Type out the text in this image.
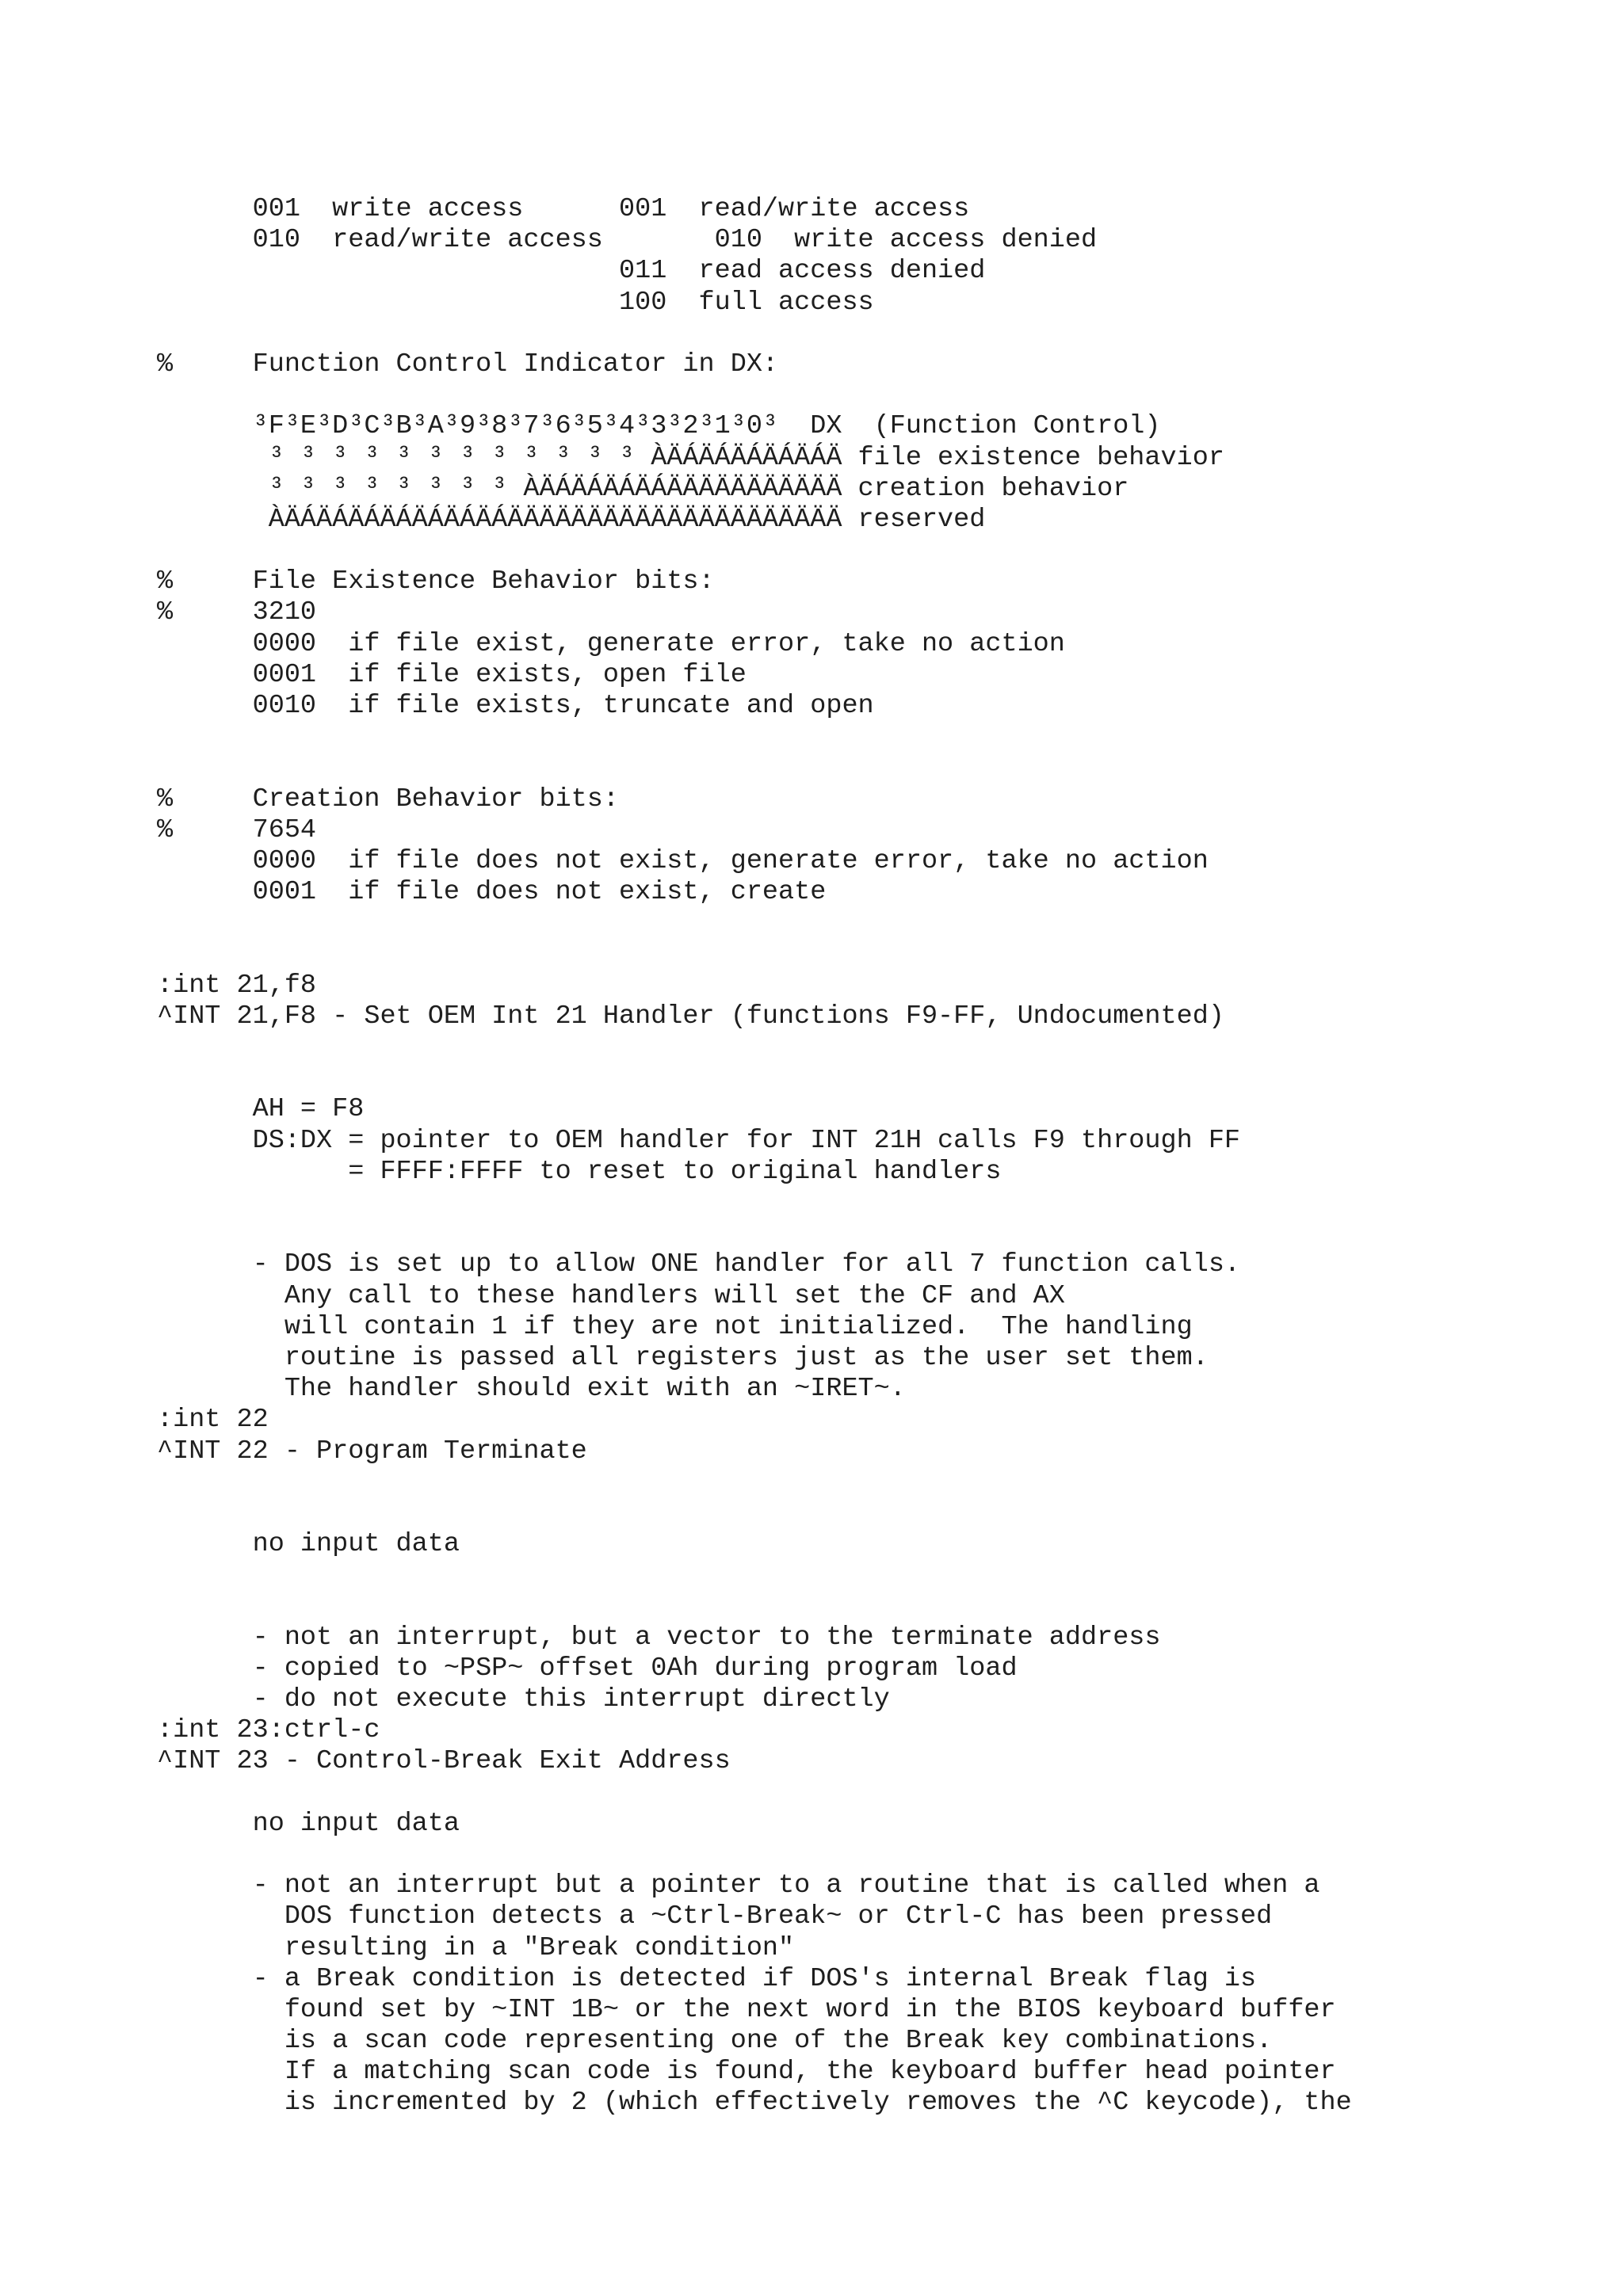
001  write access      001  read/write access
010  read/write access       010  write access denied
011  read access denied
100  full access
%     Function Control Indicator in DX:
³F³E³D³C³B³A³9³8³7³6³5³4³3³2³1³0³  DX  (Function Control)
³ ³ ³ ³ ³ ³ ³ ³ ³ ³ ³ ³ ÀÄÁÄÁÄÁÄÁÄÁÄ file existence behavior
³ ³ ³ ³ ³ ³ ³ ³ ÀÄÁÄÁÄÁÄÁÄÄÄÄÄÄÄÄÄÄÄ creation behavior
ÀÄÁÄÁÄÁÄÁÄÁÄÁÄÁÄÄÄÄÄÄÄÄÄÄÄÄÄÄÄÄÄÄÄÄÄ reserved
%     File Existence Behavior bits:
%     3210
0000  if file exist, generate error, take no action
0001  if file exists, open file
0010  if file exists, truncate and open
%     Creation Behavior bits:
%     7654
0000  if file does not exist, generate error, take no action
0001  if file does not exist, create
:int 21,f8
^INT 21,F8 - Set OEM Int 21 Handler (functions F9-FF, Undocumented)
AH = F8
DS:DX = pointer to OEM handler for INT 21H calls F9 through FF
= FFFF:FFFF to reset to original handlers
- DOS is set up to allow ONE handler for all 7 function calls.
Any call to these handlers will set the CF and AX
will contain 1 if they are not initialized.  The handling
routine is passed all registers just as the user set them.
The handler should exit with an ~IRET~.
:int 22
^INT 22 - Program Terminate
no input data
- not an interrupt, but a vector to the terminate address
- copied to ~PSP~ offset 0Ah during program load
- do not execute this interrupt directly
:int 23:ctrl-c
^INT 23 - Control-Break Exit Address
no input data
- not an interrupt but a pointer to a routine that is called when a
DOS function detects a ~Ctrl-Break~ or Ctrl-C has been pressed
resulting in a "Break condition"
- a Break condition is detected if DOS's internal Break flag is
found set by ~INT 1B~ or the next word in the BIOS keyboard buffer
is a scan code representing one of the Break key combinations.
If a matching scan code is found, the keyboard buffer head pointer
is incremented by 2 (which effectively removes the ^C keycode), the
